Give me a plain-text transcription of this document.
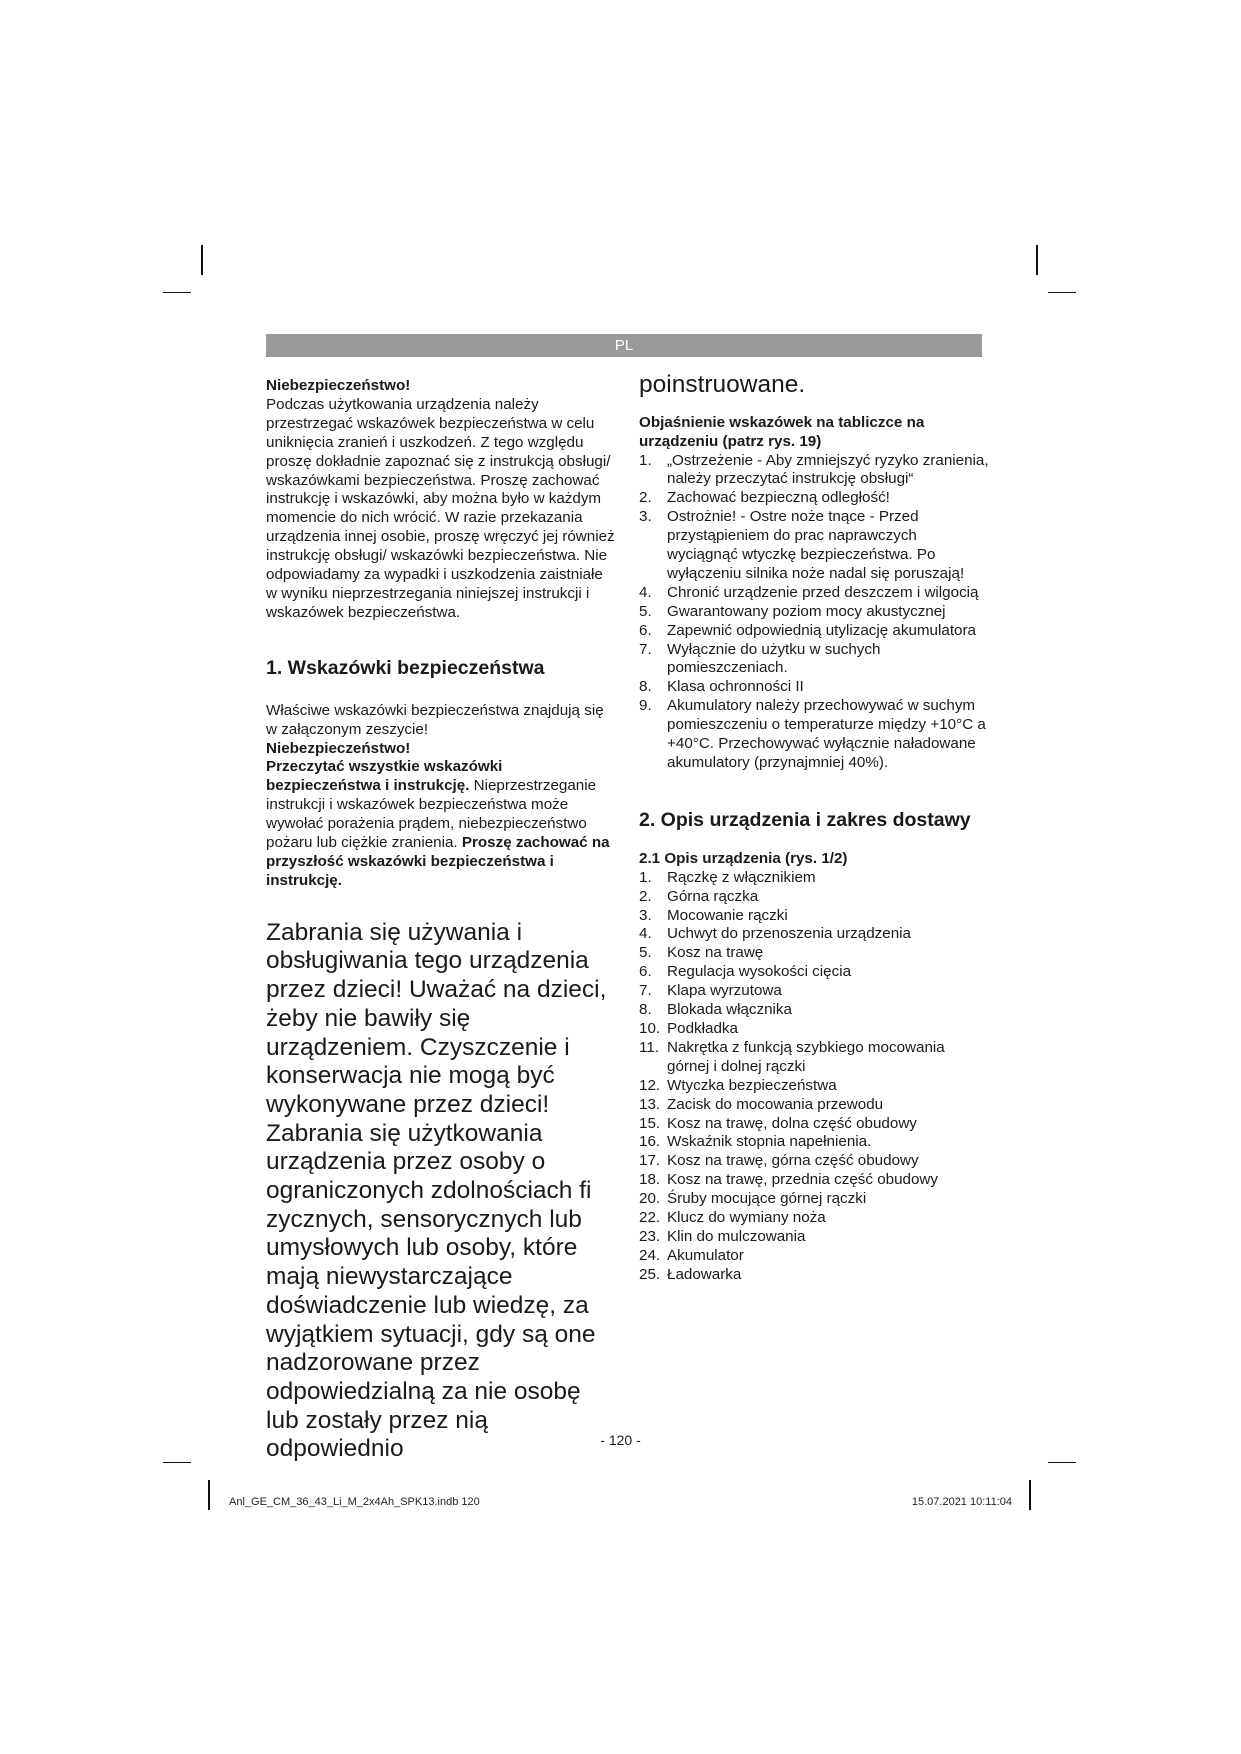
PL

Niebezpieczeństwo!

Podczas użytkowania urządzenia należy przestrzegać wskazówek bezpieczeństwa w celu uniknięcia zranień i uszkodzeń. Z tego względu proszę dokładnie zapoznać się z instrukcją obsługi/ wskazówkami bezpieczeństwa. Proszę zachować instrukcję i wskazówki, aby można było w każdym momencie do nich wrócić. W razie przekazania urządzenia innej osobie, proszę wręczyć jej również instrukcję obsługi/ wskazówki bezpieczeństwa. Nie odpowiadamy za wypadki i uszkodzenia zaistniałe w wyniku nieprzestrzegania niniejszej instrukcji i wskazówek bezpieczeństwa.

1. Wskazówki bezpieczeństwa

Właściwe wskazówki bezpieczeństwa znajdują się w załączonym zeszycie!

Niebezpieczeństwo!

Przeczytać wszystkie wskazówki bezpieczeństwa i instrukcję. Nieprzestrzeganie instrukcji i wskazówek bezpieczeństwa może wywołać porażenia prądem, niebezpieczeństwo pożaru lub ciężkie zranienia. Proszę zachować na przyszłość wskazówki bezpieczeństwa i instrukcję.

Zabrania się używania i obsługiwania tego urządzenia przez dzieci! Uważać na dzieci, żeby nie bawiły się urządzeniem. Czyszczenie i konserwacja nie mogą być wykonywane przez dzieci! Zabrania się użytkowania urządzenia przez osoby o ograniczonych zdolnościach fi zycznych, sensorycznych lub umysłowych lub osoby, które mają niewystarczające doświadczenie lub wiedzę, za wyjątkiem sytuacji, gdy są one nadzorowane przez odpowiedzialną za nie osobę lub zostały przez nią odpowiednio

poinstruowane.

Objaśnienie wskazówek na tabliczce na urządzeniu (patrz rys. 19)

1.	„Ostrzeżenie - Aby zmniejszyć ryzyko zranienia, należy przeczytać instrukcję obsługi“
2.	Zachować bezpieczną odległość!
3.	Ostrożnie! - Ostre noże tnące - Przed przystąpieniem do prac naprawczych wyciągnąć wtyczkę bezpieczeństwa. Po wyłączeniu silnika noże nadal się poruszają!
4.	Chronić urządzenie przed deszczem i wilgocią
5.	Gwarantowany poziom mocy akustycznej
6.	Zapewnić odpowiednią utylizację akumulatora
7.	Wyłącznie do użytku w suchych pomieszczeniach.
8.	Klasa ochronności II
9.	Akumulatory należy przechowywać w suchym pomieszczeniu o temperaturze między +10°C a +40°C. Przechowywać wyłącznie naładowane akumulatory (przynajmniej 40%).

2. Opis urządzenia i zakres dostawy

2.1 Opis urządzenia (rys. 1/2)

1.	Rączkę z włącznikiem
2.	Górna rączka
3.	Mocowanie rączki
4.	Uchwyt do przenoszenia urządzenia
5.	Kosz na trawę
6.	Regulacja wysokości cięcia
7.	Klapa wyrzutowa
8.	Blokada włącznika
10. Podkładka
11. Nakrętka z funkcją szybkiego mocowania górnej i dolnej rączki
12. Wtyczka bezpieczeństwa
13. Zacisk do mocowania przewodu
15. Kosz na trawę, dolna część obudowy
16. Wskaźnik stopnia napełnienia.
17. Kosz na trawę, górna część obudowy
18. Kosz na trawę, przednia część obudowy
20. Śruby mocujące górnej rączki
22. Klucz do wymiany noża
23. Klin do mulczowania
24. Akumulator
25. Ładowarka
- 120 -
Anl_GE_CM_36_43_Li_M_2x4Ah_SPK13.indb 120	15.07.2021 10:11:04
